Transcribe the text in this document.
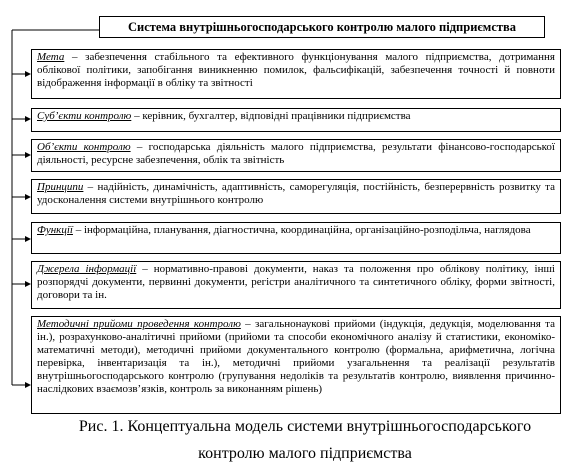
Система внутрішньогосподарського контролю малого підприємства
Мета – забезпечення стабільного та ефективного функціонування малого підприємства, дотримання облікової політики, запобігання виникненню помилок, фальсифікацій, забезпечення точності й повноти відображення інформації в обліку та звітності
Суб’єкти контролю – керівник, бухгалтер, відповідні працівники підприємства
Об’єкти контролю – господарська діяльність малого підприємства, результати фінансово-господарської діяльності, ресурсне забезпечення, облік та звітність
Принципи – надійність, динамічність, адаптивність, саморегуляція, постійність, безперервність розвитку та удосконалення системи внутрішнього контролю
Функції – інформаційна, планування, діагностична, координаційна, організаційно-розподільча, наглядова
Джерела інформації – нормативно-правові документи, наказ та положення про облікову політику, інші розпорядчі документи, первинні документи, регістри аналітичного та синтетичного обліку, форми звітності, договори та ін.
Методичні прийоми проведення контролю – загальнонаукові прийоми (індукція, дедукція, моделювання та ін.), розрахунково-аналітичні прийоми (прийоми та способи економічного аналізу й статистики, економіко-математичні методи), методичні прийоми документального контролю (формальна, арифметична, логічна перевірка, інвентаризація та ін.), методичні прийоми узагальнення та реалізації результатів внутрішньогосподарського контролю (групування недоліків та результатів контролю, виявлення причинно-наслідкових взаємозв’язків, контроль за виконанням рішень)
Рис. 1. Концептуальна модель системи внутрішньогосподарського
контролю малого підприємства
